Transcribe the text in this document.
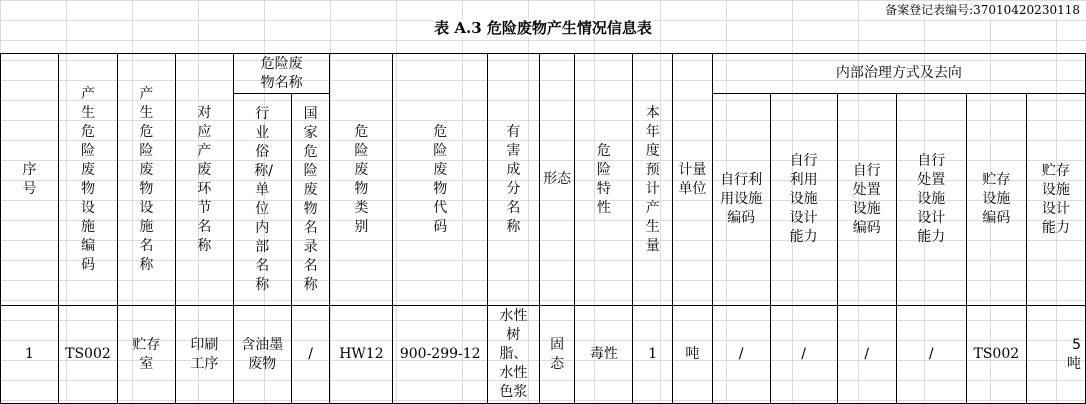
备案登记表编号:37010420230118
表 A.3 危险废物产生情况信息表
序号	产生危险废物设施编码	产生危险废物设施名称	对应产废环节名称	危险废物名称		危险废物类别	危险废物代码	有害成分名称	形态	危险特性	本年度预计产生量	计量单位	内部治理方式及去向					
				行业俗称/单位内部名称	国家危险废物名录名称								自行利用设施编码	自行利用设施设计能力	自行处置设施编码	自行处置设施设计能力	贮存设施编码	贮存设施设计能力
1	TS002	贮存室	印刷工序	含油墨废物	/	HW12	900-299-12	水性树脂、水性色浆	固态	毒性	1	吨	/	/	/	/	TS002	5吨
